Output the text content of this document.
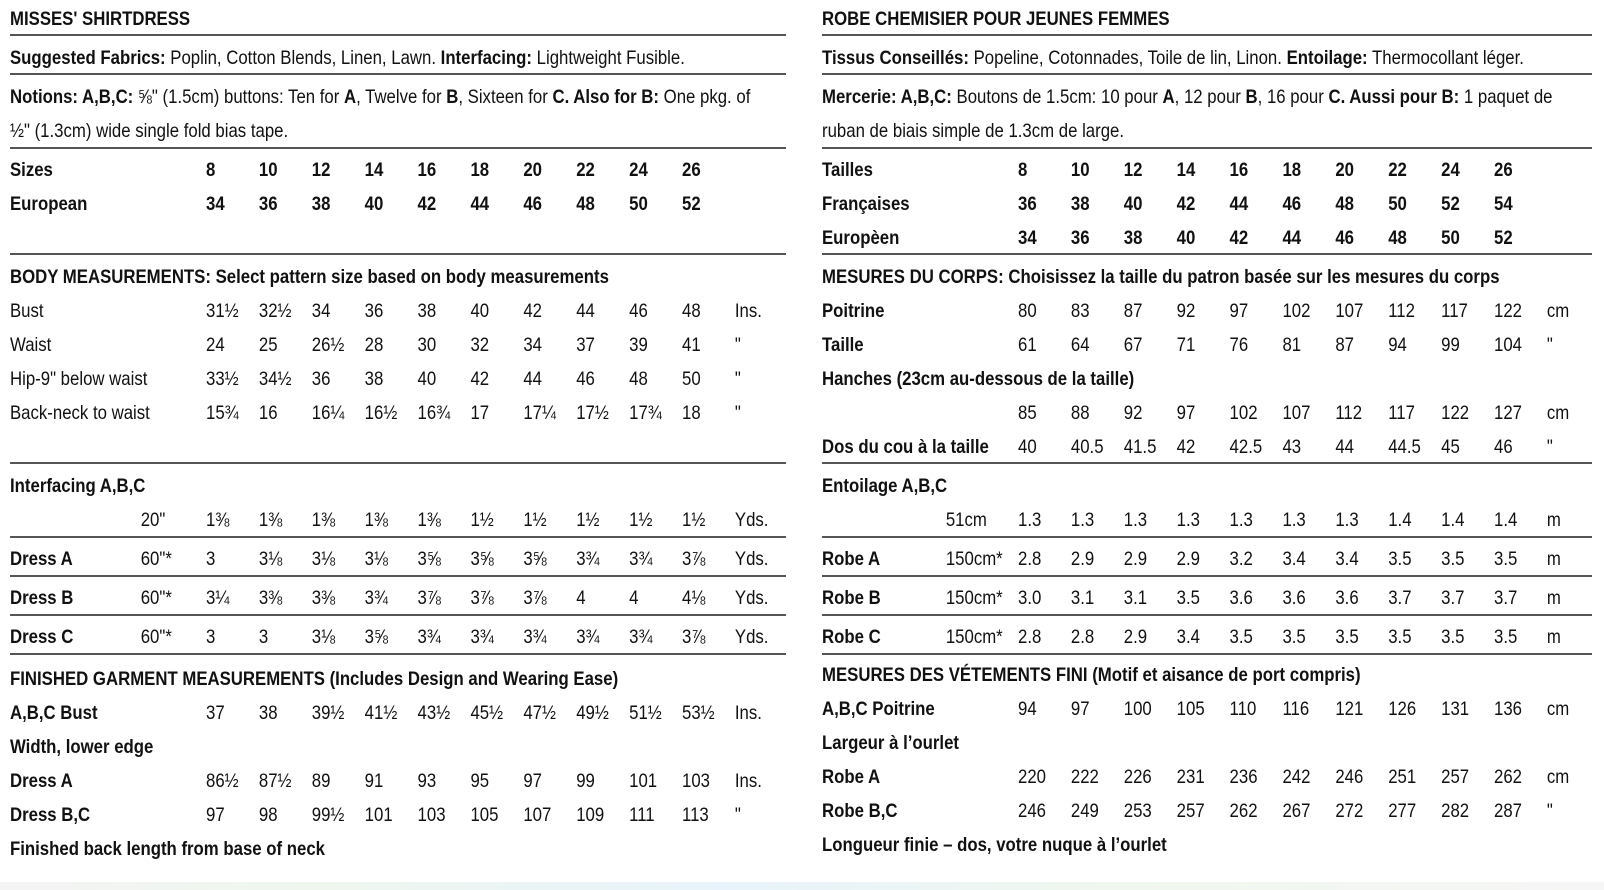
MISSES' SHIRTDRESS
Suggested Fabrics: Poplin, Cotton Blends, Linen, Lawn. Interfacing: Lightweight Fusible.
Notions: A,B,C: ⅝" (1.5cm) buttons: Ten for A, Twelve for B, Sixteen for C. Also for B: One pkg. of
½" (1.3cm) wide single fold bias tape.
Sizes	8 10 12 14 16 18 20 22 24 26
European	34 36 38 40 42 44 46 48 50 52
BODY MEASUREMENTS: Select pattern size based on body measurements
Bust	31½ 32½ 34 36 38 40 42 44 46 48 Ins.
Waist	24 25 26½ 28 30 32 34 37 39 41 "
Hip-9" below waist	33½ 34½ 36 38 40 42 44 46 48 50 "
Back-neck to waist	15¾ 16 16¼ 16½ 16¾ 17 17¼ 17½ 17¾ 18 "
Interfacing A,B,C
20" 1⅜ 1⅜ 1⅜ 1⅜ 1⅜ 1½ 1½ 1½ 1½ 1½ Yds.
Dress A	60"* 3 3⅛ 3⅛ 3⅛ 3⅝ 3⅝ 3⅝ 3¾ 3¾ 3⅞ Yds.
Dress B	60"* 3¼ 3⅜ 3⅜ 3¾ 3⅞ 3⅞ 3⅞ 4 4 4⅛ Yds.
Dress C	60"* 3 3 3⅛ 3⅝ 3¾ 3¾ 3¾ 3¾ 3¾ 3⅞ Yds.
FINISHED GARMENT MEASUREMENTS (Includes Design and Wearing Ease)
A,B,C Bust	37 38 39½ 41½ 43½ 45½ 47½ 49½ 51½ 53½ Ins.
Width, lower edge
Dress A	86½ 87½ 89 91 93 95 97 99 101 103 Ins.
Dress B,C	97 98 99½ 101 103 105 107 109 111 113 "
Finished back length from base of neck
ROBE CHEMISIER POUR JEUNES FEMMES
Tissus Conseillés: Popeline, Cotonnades, Toile de lin, Linon. Entoilage: Thermocollant léger.
Mercerie: A,B,C: Boutons de 1.5cm: 10 pour A, 12 pour B, 16 pour C. Aussi pour B: 1 paquet de
ruban de biais simple de 1.3cm de large.
Tailles	8 10 12 14 16 18 20 22 24 26
Françaises	36 38 40 42 44 46 48 50 52 54
Europèen	34 36 38 40 42 44 46 48 50 52
MESURES DU CORPS: Choisissez la taille du patron basée sur les mesures du corps
Poitrine	80 83 87 92 97 102 107 112 117 122 cm
Taille	61 64 67 71 76 81 87 94 99 104 "
Hanches (23cm au-dessous de la taille)
85 88 92 97 102 107 112 117 122 127 cm
Dos du cou à la taille 40 40.5 41.5 42 42.5 43 44 44.5 45 46 "
Entoilage A,B,C
51cm 1.3 1.3 1.3 1.3 1.3 1.3 1.3 1.4 1.4 1.4 m
Robe A	150cm* 2.8 2.9 2.9 2.9 3.2 3.4 3.4 3.5 3.5 3.5 m
Robe B	150cm* 3.0 3.1 3.1 3.5 3.6 3.6 3.6 3.7 3.7 3.7 m
Robe C	150cm* 2.8 2.8 2.9 3.4 3.5 3.5 3.5 3.5 3.5 3.5 m
MESURES DES VÉTEMENTS FINI (Motif et aisance de port compris)
A,B,C Poitrine	94 97 100 105 110 116 121 126 131 136 cm
Largeur à l’ourlet
Robe A	220 222 226 231 236 242 246 251 257 262 cm
Robe B,C	246 249 253 257 262 267 272 277 282 287 "
Longueur finie – dos, votre nuque à l’ourlet
